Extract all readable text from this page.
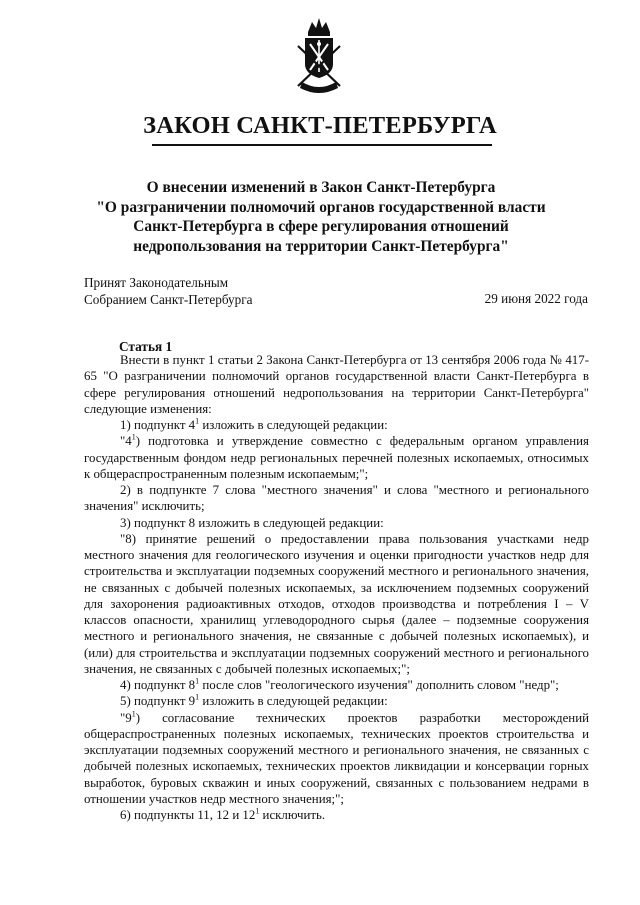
ЗАКОН САНКТ-ПЕТЕРБУРГА
О внесении изменений в Закон Санкт-Петербурга
"О разграничении полномочий органов государственной власти
Санкт-Петербурга в сфере регулирования отношений
недропользования на территории Санкт-Петербурга"
Принят Законодательным
Собранием Санкт-Петербурга	29 июня 2022 года
Статья 1

Внести в пункт 1 статьи 2 Закона Санкт-Петербурга от 13 сентября 2006 года № 417-65 "О разграничении полномочий органов государственной власти Санкт-Петербурга в сфере регулирования отношений недропользования на территории Санкт-Петербурга" следующие изменения:

1) подпункт $4^1$ изложить в следующей редакции:

"$4^1$) подготовка и утверждение совместно с федеральным органом управления государственным фондом недр региональных перечней полезных ископаемых, относимых к общераспространенным полезным ископаемым;";

2) в подпункте 7 слова "местного значения" и слова "местного и регионального значения" исключить;

3) подпункт 8 изложить в следующей редакции:

"8) принятие решений о предоставлении права пользования участками недр местного значения для геологического изучения и оценки пригодности участков недр для строительства и эксплуатации подземных сооружений местного и регионального значения, не связанных с добычей полезных ископаемых, за исключением подземных сооружений для захоронения радиоактивных отходов, отходов производства и потребления I – V классов опасности, хранилищ углеводородного сырья (далее – подземные сооружения местного и регионального значения, не связанные с добычей полезных ископаемых), и (или) для строительства и эксплуатации подземных сооружений местного и регионального значения, не связанных с добычей полезных ископаемых;";

4) подпункт $8^1$ после слов "геологического изучения" дополнить словом "недр";

5) подпункт $9^1$ изложить в следующей редакции:

"$9^1$) согласование технических проектов разработки месторождений общераспространенных полезных ископаемых, технических проектов строительства и эксплуатации подземных сооружений местного и регионального значения, не связанных с добычей полезных ископаемых, технических проектов ликвидации и консервации горных выработок, буровых скважин и иных сооружений, связанных с пользованием недрами в отношении участков недр местного значения;";

6) подпункты 11, 12 и $12^1$ исключить.
